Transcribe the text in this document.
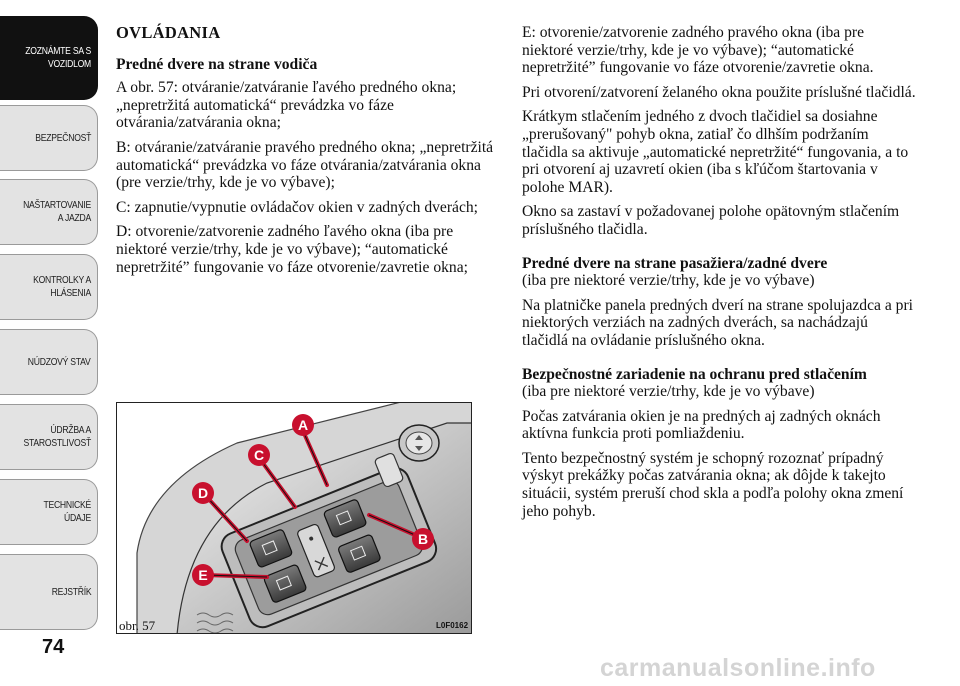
ZOZNÁMTE SA S VOZIDLOM
BEZPEČNOSŤ
NAŠTARTOVANIE A JAZDA
KONTROLKY A HLÁSENIA
NÚDZOVÝ STAV
ÚDRŽBA A STAROSTLIVOSŤ
TECHNICKÉ ÚDAJE
REJSTŘÍK
74
OVLÁDANIA
Predné dvere na strane vodiča

A obr. 57: otváranie/zatváranie ľavého predného okna; „nepretržitá automatická“ prevádzka vo fáze otvárania/zatvárania okna;

B: otváranie/zatváranie pravého predného okna; „nepretržitá automatická“ prevádzka vo fáze otvárania/zatvárania okna (pre verzie/trhy, kde je vo výbave);

C: zapnutie/vypnutie ovládačov okien v zadných dverách;

D: otvorenie/zatvorenie zadného ľavého okna (iba pre niektoré verzie/trhy, kde je vo výbave); “automatické nepretržité” fungovanie vo fáze otvorenie/zavretie okna;

A
B
C
D
E
obr. 57	L0F0162

E: otvorenie/zatvorenie zadného pravého okna (iba pre niektoré verzie/trhy, kde je vo výbave); “automatické nepretržité” fungovanie vo fáze otvorenie/zavretie okna.

Pri otvorení/zatvorení želaného okna použite príslušné tlačidlá.

Krátkym stlačením jedného z dvoch tlačidiel sa dosiahne „prerušovaný" pohyb okna, zatiaľ čo dlhším podržaním tlačidla sa aktivuje „automatické nepretržité“ fungovania, a to pri otvorení aj uzavretí okien (iba s kľúčom štartovania v polohe MAR).

Okno sa zastaví v požadovanej polohe opätovným stlačením príslušného tlačidla.

Predné dvere na strane pasažiera/zadné dvere

(iba pre niektoré verzie/trhy, kde je vo výbave)

Na platničke panela predných dverí na strane spolujazdca a pri niektorých verziách na zadných dverách, sa nachádzajú tlačidlá na ovládanie príslušného okna.

Bezpečnostné zariadenie na ochranu pred stlačením

(iba pre niektoré verzie/trhy, kde je vo výbave)

Počas zatvárania okien je na predných aj zadných oknách aktívna funkcia proti pomliaždeniu.

Tento bezpečnostný systém je schopný rozoznať prípadný výskyt prekážky počas zatvárania okna; ak dôjde k takejto situácii, systém preruší chod skla a podľa polohy okna zmení jeho pohyb.

carmanualsonline.info
